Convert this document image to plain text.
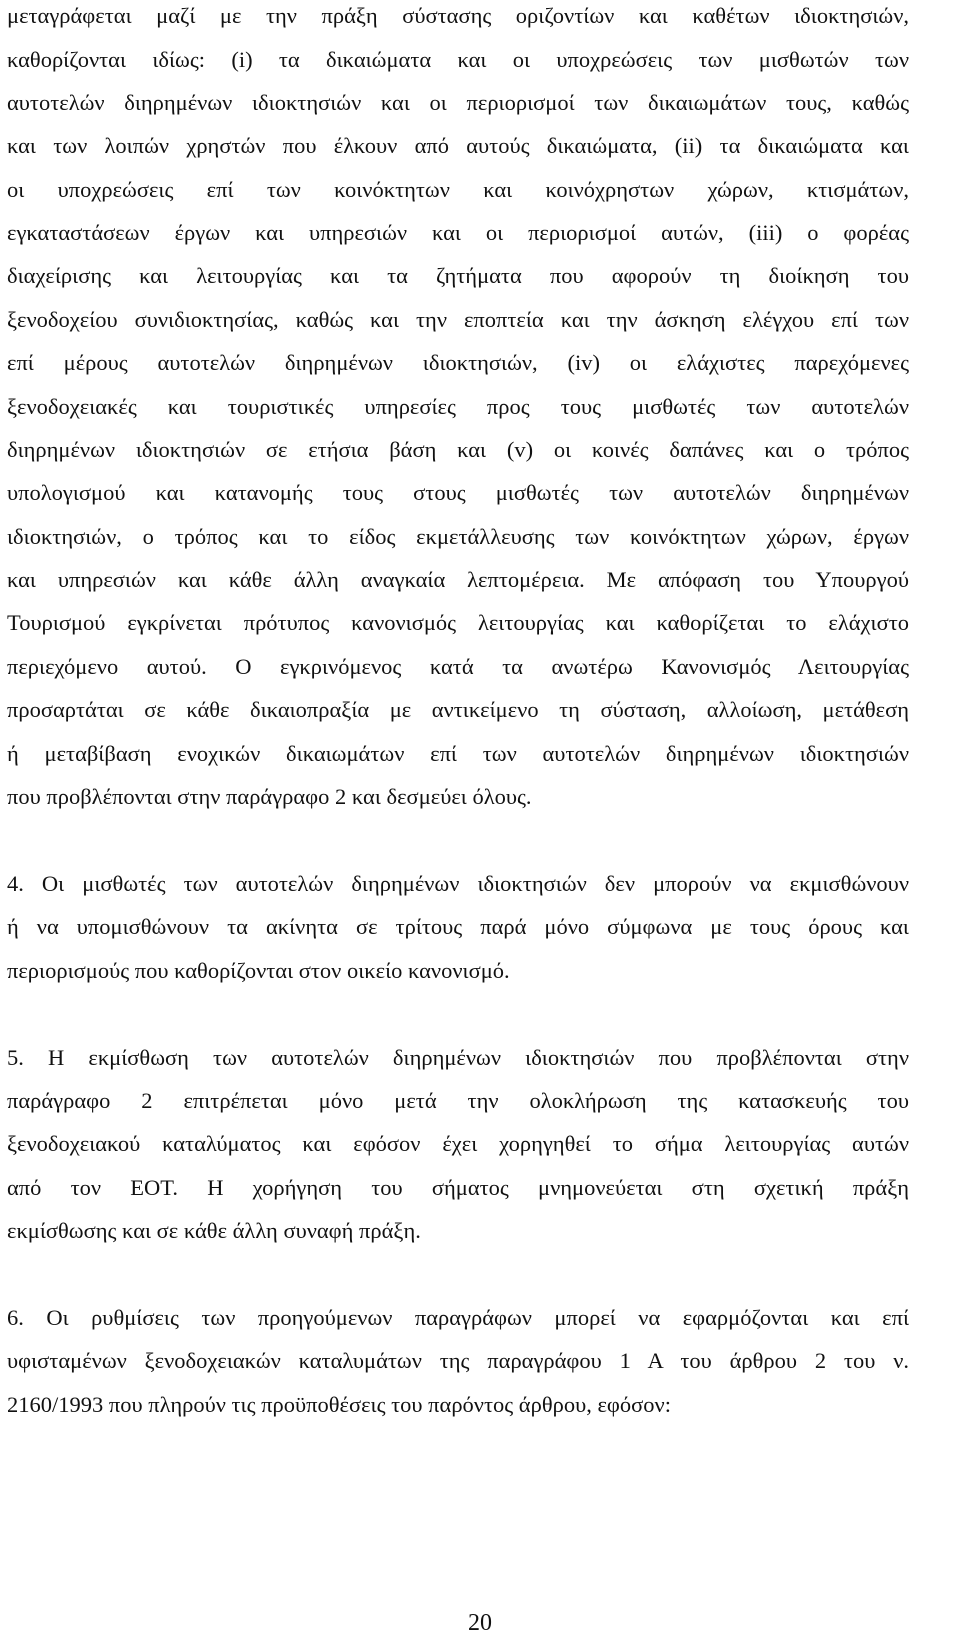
μεταγράφεται μαζί με την πράξη σύστασης οριζοντίων και καθέτων ιδιοκτησιών,
καθορίζονται ιδίως: (i) τα δικαιώματα και οι υποχρεώσεις των μισθωτών των
αυτοτελών διηρημένων ιδιοκτησιών και οι περιορισμοί των δικαιωμάτων τους, καθώς
και των λοιπών χρηστών που έλκουν από αυτούς δικαιώματα, (ii) τα δικαιώματα και
οι υποχρεώσεις επί των κοινόκτητων και κοινόχρηστων χώρων, κτισμάτων,
εγκαταστάσεων έργων και υπηρεσιών και οι περιορισμοί αυτών, (iii) ο φορέας
διαχείρισης και λειτουργίας και τα ζητήματα που αφορούν τη διοίκηση του
ξενοδοχείου συνιδιοκτησίας, καθώς και την εποπτεία και την άσκηση ελέγχου επί των
επί μέρους αυτοτελών διηρημένων ιδιοκτησιών, (iv) οι ελάχιστες παρεχόμενες
ξενοδοχειακές και τουριστικές υπηρεσίες προς τους μισθωτές των αυτοτελών
διηρημένων ιδιοκτησιών σε ετήσια βάση και (v) οι κοινές δαπάνες και ο τρόπος
υπολογισμού και κατανομής τους στους μισθωτές των αυτοτελών διηρημένων
ιδιοκτησιών, ο τρόπος και το είδος εκμετάλλευσης των κοινόκτητων χώρων, έργων
και υπηρεσιών και κάθε άλλη αναγκαία λεπτομέρεια. Με απόφαση του Υπουργού
Τουρισμού εγκρίνεται πρότυπος κανονισμός λειτουργίας και καθορίζεται το ελάχιστο
περιεχόμενο αυτού. Ο εγκρινόμενος κατά τα ανωτέρω Κανονισμός Λειτουργίας
προσαρτάται σε κάθε δικαιοπραξία με αντικείμενο τη σύσταση, αλλοίωση, μετάθεση
ή μεταβίβαση ενοχικών δικαιωμάτων επί των αυτοτελών διηρημένων ιδιοκτησιών
που προβλέπονται στην παράγραφο 2 και δεσμεύει όλους.
4. Οι μισθωτές των αυτοτελών διηρημένων ιδιοκτησιών δεν μπορούν να εκμισθώνουν
ή να υπομισθώνουν τα ακίνητα σε τρίτους παρά μόνο σύμφωνα με τους όρους και
περιορισμούς που καθορίζονται στον οικείο κανονισμό.
5. Η εκμίσθωση των αυτοτελών διηρημένων ιδιοκτησιών που προβλέπονται στην
παράγραφο 2 επιτρέπεται μόνο μετά την ολοκλήρωση της κατασκευής του
ξενοδοχειακού καταλύματος και εφόσον έχει χορηγηθεί το σήμα λειτουργίας αυτών
από τον ΕΟΤ. Η χορήγηση του σήματος μνημονεύεται στη σχετική πράξη
εκμίσθωσης και σε κάθε άλλη συναφή πράξη.
6. Οι ρυθμίσεις των προηγούμενων παραγράφων μπορεί να εφαρμόζονται και επί
υφισταμένων ξενοδοχειακών καταλυμάτων της παραγράφου 1 Α του άρθρου 2 του ν.
2160/1993 που πληρούν τις προϋποθέσεις του παρόντος άρθρου, εφόσον:
20
